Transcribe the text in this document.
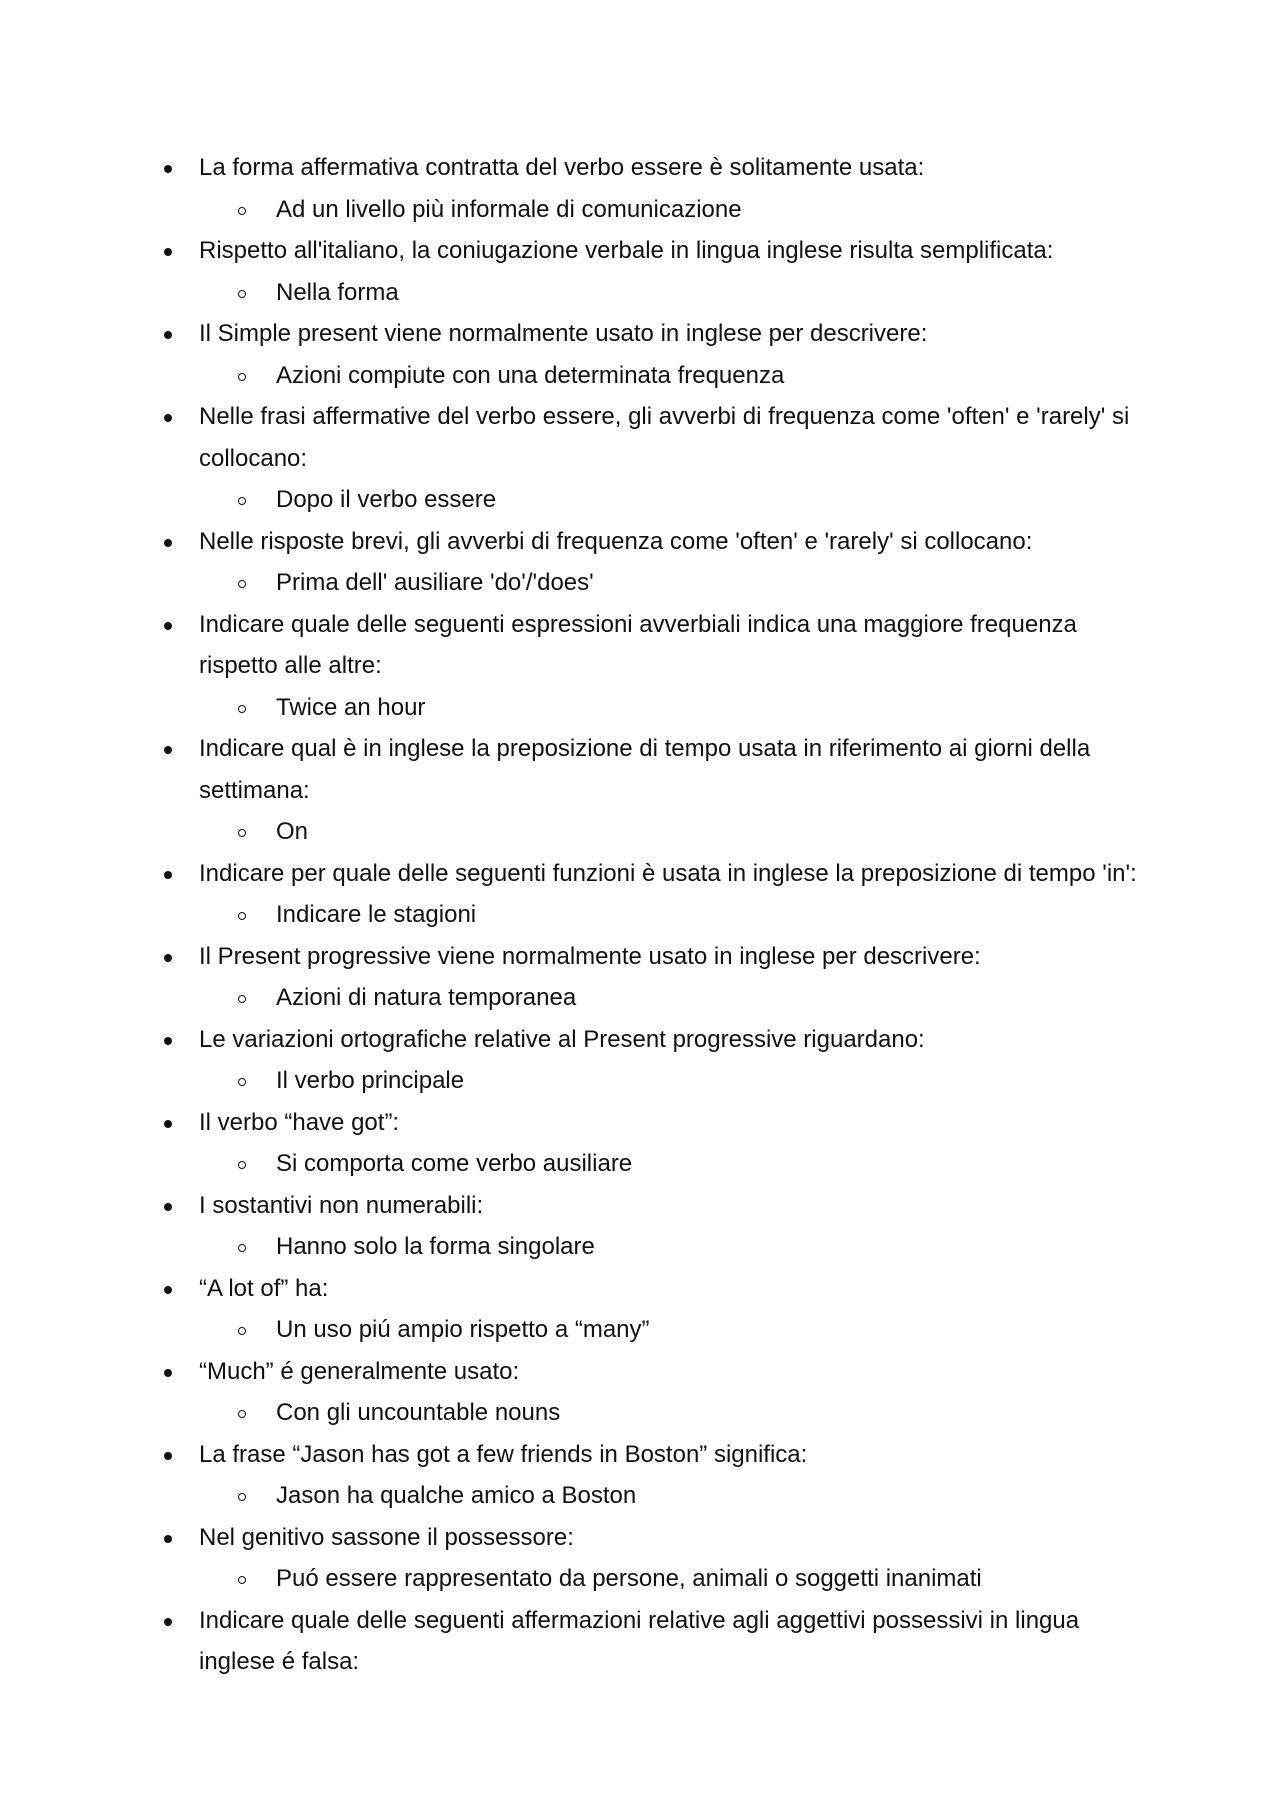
La forma affermativa contratta del verbo essere è solitamente usata:
Ad un livello più informale di comunicazione
Rispetto all'italiano, la coniugazione verbale in lingua inglese risulta semplificata:
Nella forma
Il Simple present viene normalmente usato in inglese per descrivere:
Azioni compiute con una determinata frequenza
Nelle frasi affermative del verbo essere, gli avverbi di frequenza come 'often' e 'rarely' si collocano:
Dopo il verbo essere
Nelle risposte brevi, gli avverbi di frequenza come 'often' e 'rarely' si collocano:
Prima dell' ausiliare 'do'/'does'
Indicare quale delle seguenti espressioni avverbiali indica una maggiore frequenza rispetto alle altre:
Twice an hour
Indicare qual è in inglese la preposizione di tempo usata in riferimento ai giorni della settimana:
On
Indicare per quale delle seguenti funzioni è usata in inglese la preposizione di tempo 'in':
Indicare le stagioni
Il Present progressive viene normalmente usato in inglese per descrivere:
Azioni di natura temporanea
Le variazioni ortografiche relative al Present progressive riguardano:
Il verbo principale
Il verbo “have got”:
Si comporta come verbo ausiliare
I sostantivi non numerabili:
Hanno solo la forma singolare
“A lot of” ha:
Un uso piú ampio rispetto a “many”
“Much” é generalmente usato:
Con gli uncountable nouns
La frase “Jason has got a few friends in Boston” significa:
Jason ha qualche amico a Boston
Nel genitivo sassone il possessore:
Puó essere rappresentato da persone, animali o soggetti inanimati
Indicare quale delle seguenti affermazioni relative agli aggettivi possessivi in lingua inglese é falsa:
